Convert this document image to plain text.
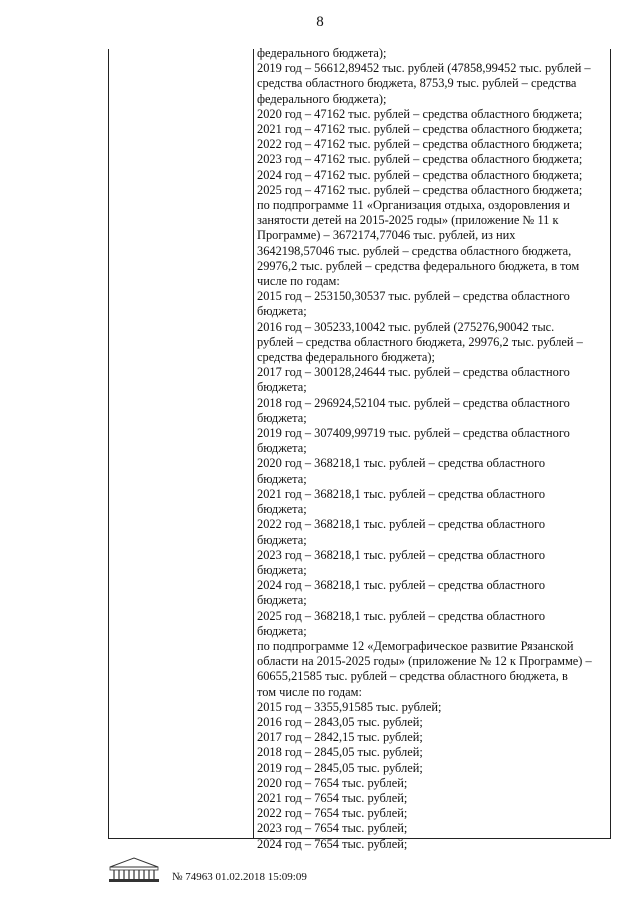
8
федерального бюджета);
2019 год – 56612,89452 тыс. рублей (47858,99452 тыс. рублей –
средства областного бюджета, 8753,9 тыс. рублей – средства
федерального бюджета);
2020 год – 47162 тыс. рублей – средства областного бюджета;
2021 год – 47162 тыс. рублей – средства областного бюджета;
2022 год – 47162 тыс. рублей – средства областного бюджета;
2023 год – 47162 тыс. рублей – средства областного бюджета;
2024 год – 47162 тыс. рублей – средства областного бюджета;
2025 год – 47162 тыс. рублей – средства областного бюджета;
по подпрограмме 11 «Организация отдыха, оздоровления и
занятости детей на 2015-2025 годы» (приложение № 11 к
Программе) – 3672174,77046 тыс. рублей, из них
3642198,57046 тыс. рублей – средства областного бюджета,
29976,2 тыс. рублей – средства федерального бюджета, в том
числе по годам:
2015 год – 253150,30537 тыс. рублей – средства областного
бюджета;
2016 год – 305233,10042 тыс. рублей (275276,90042 тыс.
рублей – средства областного бюджета, 29976,2 тыс. рублей –
средства федерального бюджета);
2017 год – 300128,24644 тыс. рублей – средства областного
бюджета;
2018 год – 296924,52104 тыс. рублей – средства областного
бюджета;
2019 год – 307409,99719 тыс. рублей – средства областного
бюджета;
2020 год – 368218,1 тыс. рублей – средства областного
бюджета;
2021 год – 368218,1 тыс. рублей – средства областного
бюджета;
2022 год – 368218,1 тыс. рублей – средства областного
бюджета;
2023 год – 368218,1 тыс. рублей – средства областного
бюджета;
2024 год – 368218,1 тыс. рублей – средства областного
бюджета;
2025 год – 368218,1 тыс. рублей – средства областного
бюджета;
по подпрограмме 12 «Демографическое развитие Рязанской
области на 2015-2025 годы» (приложение № 12 к Программе) –
60655,21585 тыс. рублей – средства областного бюджета, в
том числе по годам:
2015 год – 3355,91585 тыс. рублей;
2016 год – 2843,05 тыс. рублей;
2017 год – 2842,15 тыс. рублей;
2018 год – 2845,05 тыс. рублей;
2019 год – 2845,05 тыс. рублей;
2020 год – 7654 тыс. рублей;
2021 год – 7654 тыс. рублей;
2022 год – 7654 тыс. рублей;
2023 год – 7654 тыс. рублей;
2024 год – 7654 тыс. рублей;
№ 74963 01.02.2018 15:09:09
